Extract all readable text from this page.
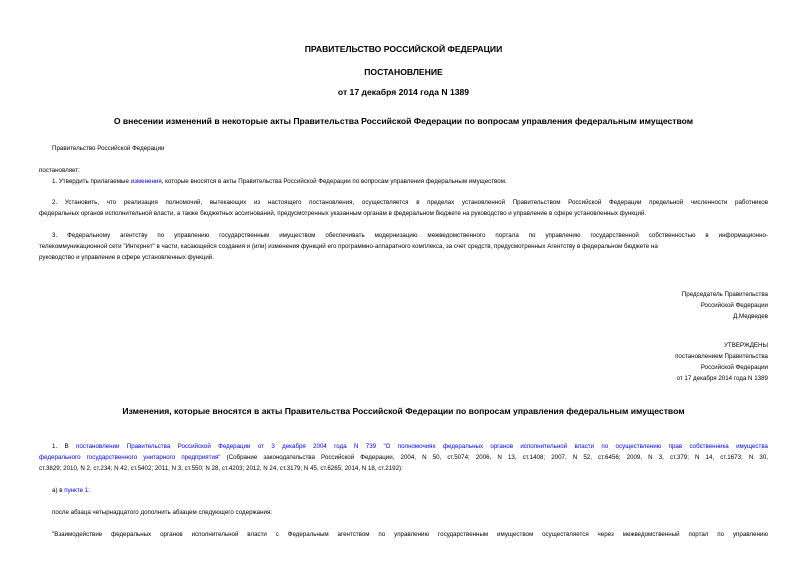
ПРАВИТЕЛЬСТВО РОССИЙСКОЙ ФЕДЕРАЦИИ
ПОСТАНОВЛЕНИЕ
от 17 декабря 2014 года N 1389
О внесении изменений в некоторые акты Правительства Российской Федерации по вопросам управления федеральным имуществом
Правительство Российской Федерации
постановляет:
1. Утвердить прилагаемые изменения, которые вносятся в акты Правительства Российской Федерации по вопросам управления федеральным имуществом.
2. Установить, что реализация полномочий, вытекающих из настоящего постановления, осуществляется в пределах установленной Правительством Российской Федерации предельной численности работников
федеральных органов исполнительной власти, а также бюджетных ассигнований, предусмотренных указанным органам в федеральном бюджете на руководство и управление в сфере установленных функций.
3. Федеральному агентству по управлению государственным имуществом обеспечивать модернизацию межведомственного портала по управлению государственной собственностью в информационно-
телекоммуникационной сети "Интернет" в части, касающейся создания и (или) изменения функций его программно-аппаратного комплекса, за счет средств, предусмотренных Агентству в федеральном бюджете на
руководство и управление в сфере установленных функций.
Председатель Правительства
Российской Федерации
Д.Медведев
УТВЕРЖДЕНЫ
постановлением Правительства
Российской Федерации
от 17 декабря 2014 года N 1389
Изменения, которые вносятся в акты Правительства Российской Федерации по вопросам управления федеральным имуществом
1. В постановлении Правительства Российской Федерации от 3 декабря 2004 года N 739 "О полномочиях федеральных органов исполнительной власти по осуществлению прав собственника имущества
федерального государственного унитарного предприятия" (Собрание законодательства Российской Федерации, 2004, N 50, ст.5074; 2006, N 13, ст.1408; 2007, N 52, ст.6456; 2009, N 3, ст.379; N 14, ст.1673; N 30,
ст.3829; 2010, N 2, ст.234; N 42, ст.5402; 2011, N 3, ст.550; N 28, ст.4203; 2012, N 24, ст.3179; N 45, ст.6265; 2014, N 18, ст.2192):
а) в пункте 1:
после абзаца четырнадцатого дополнить абзацем следующего содержания:
"Взаимодействие федеральных органов исполнительной власти с Федеральным агентством по управлению государственным имуществом осуществляется через межведомственный портал по управлению
